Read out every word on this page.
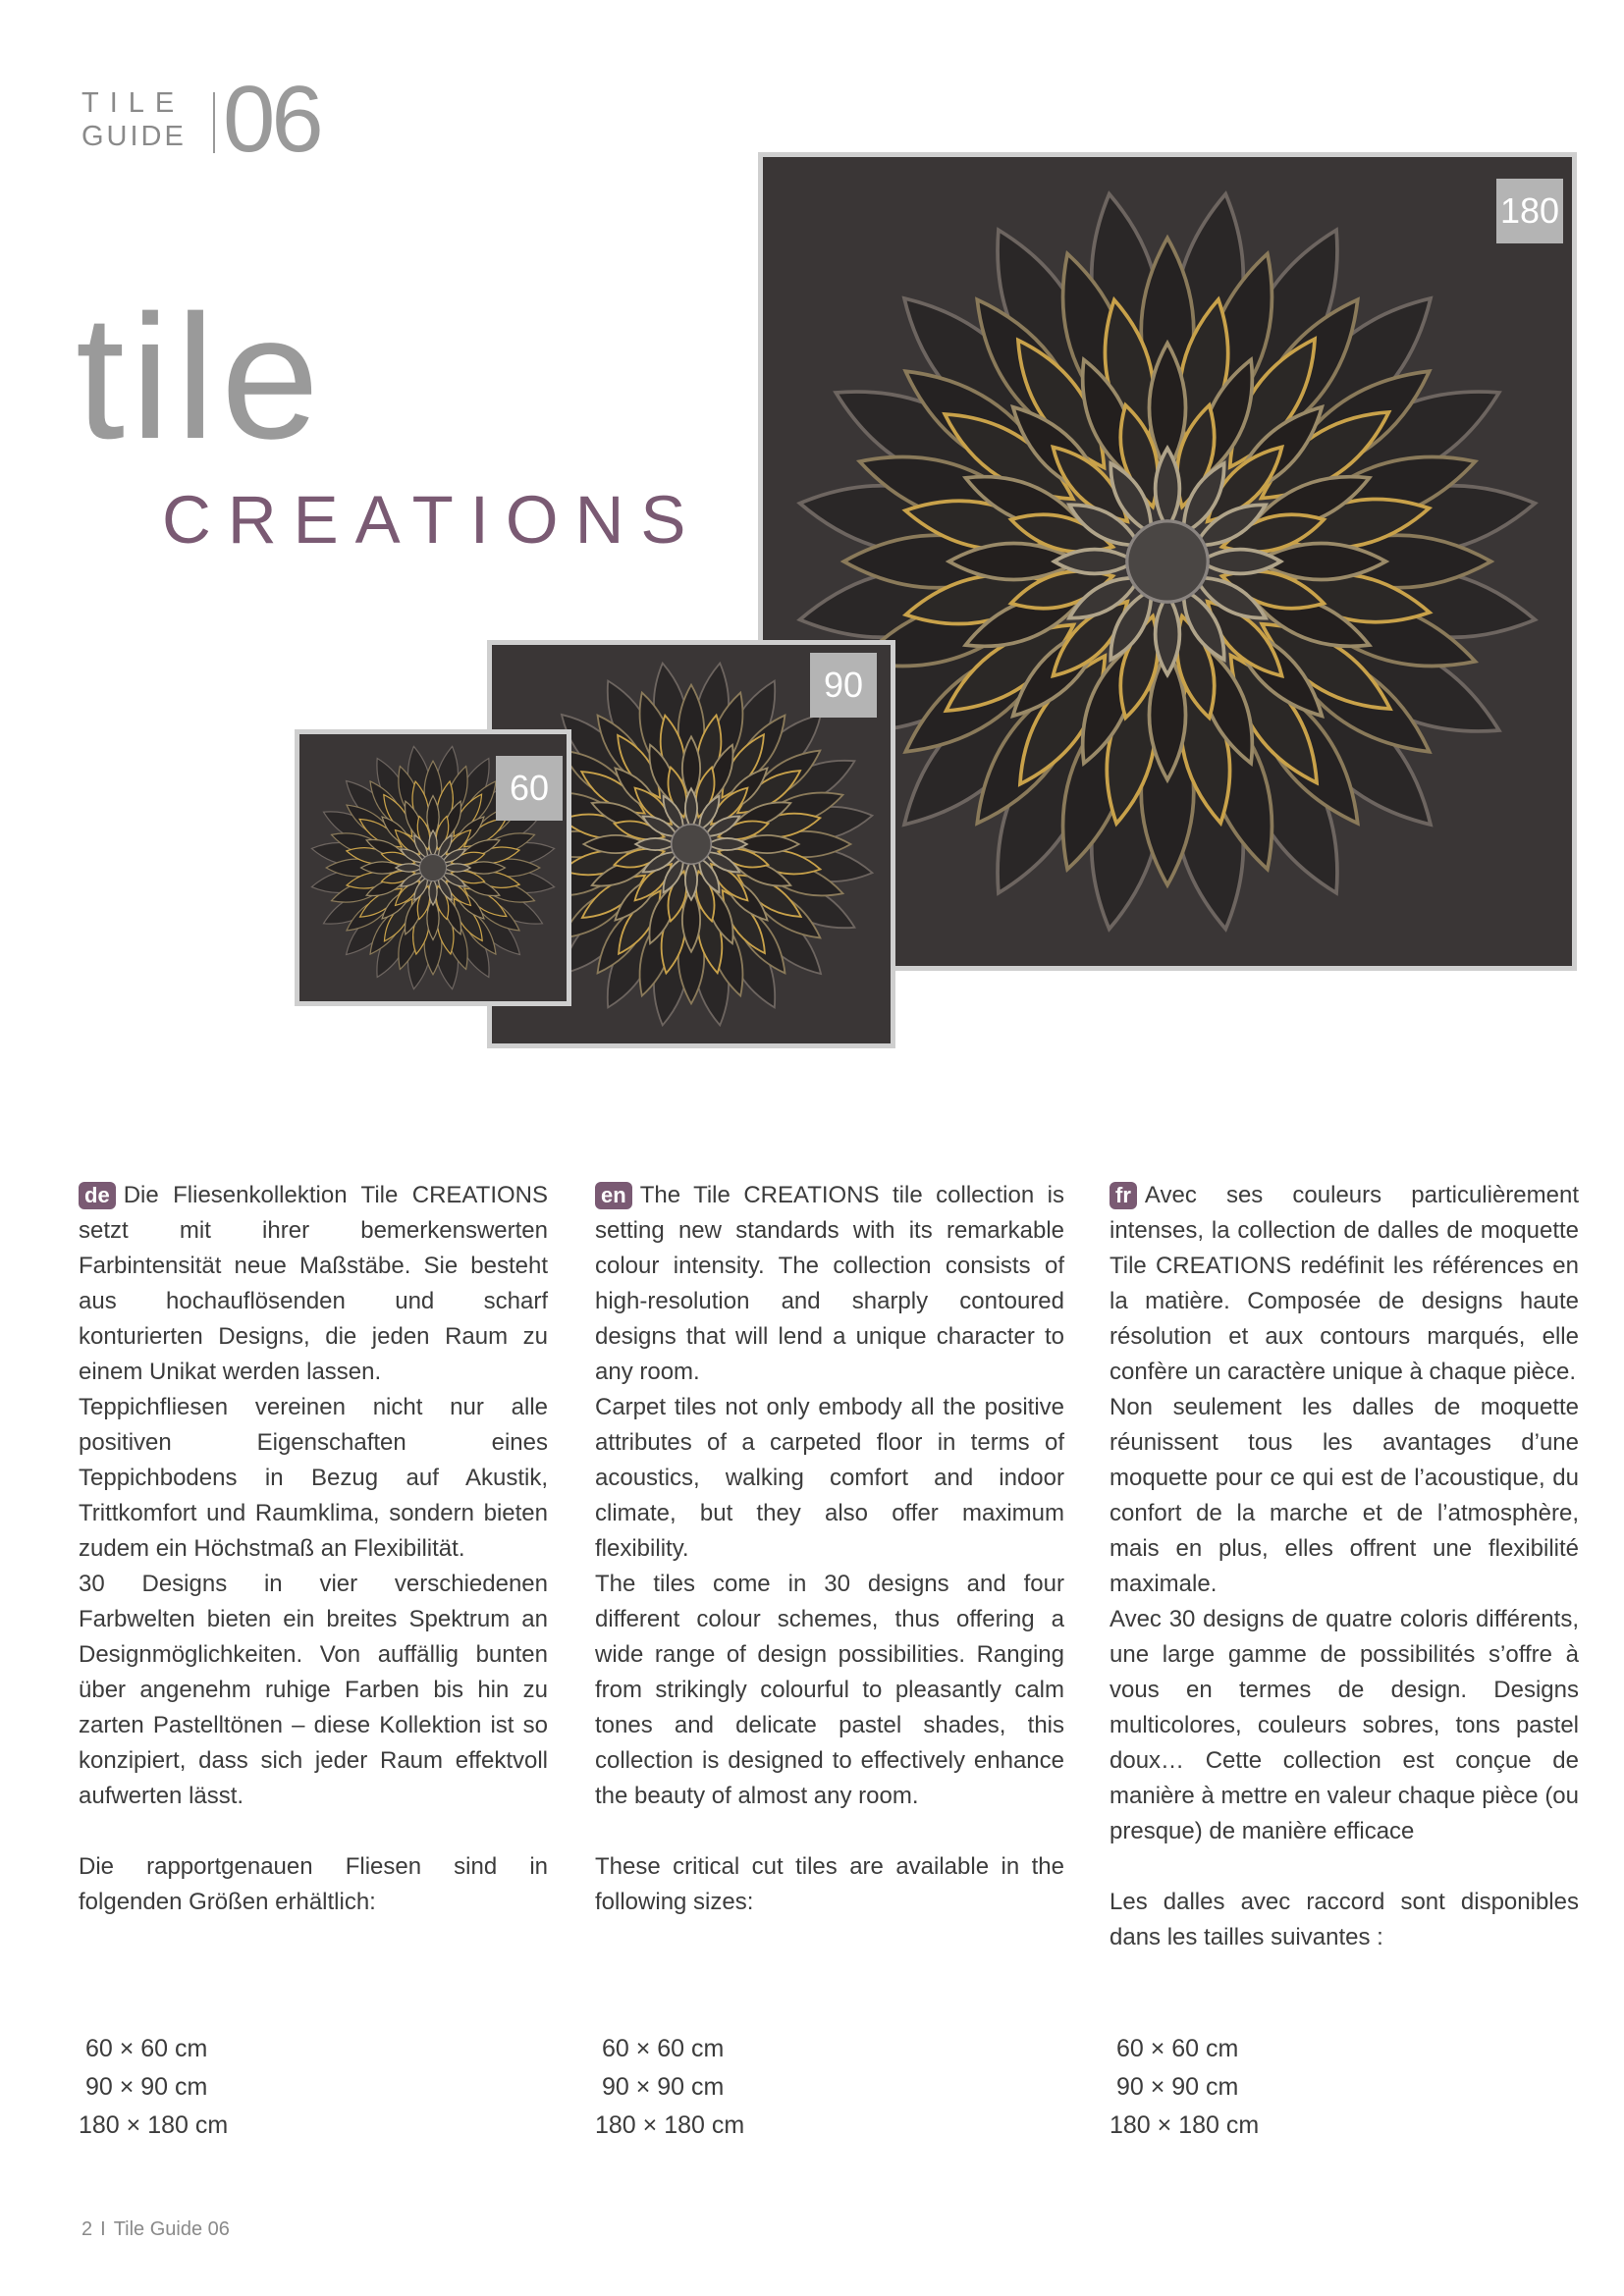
TILE
GUIDE 06
tile
CREATIONS
180
90
60

de Die Fliesenkollektion Tile CREATIONS setzt mit ihrer bemerkenswerten Farbintensität neue Maßstäbe. Sie besteht aus hochauflösenden und scharf konturierten Designs, die jeden Raum zu einem Unikat werden lassen.

Teppichfliesen vereinen nicht nur alle positiven Eigenschaften eines Teppichbodens in Bezug auf Akustik, Trittkomfort und Raumklima, sondern bieten zudem ein Höchstmaß an Flexibilität.

30 Designs in vier verschiedenen Farbwelten bieten ein breites Spektrum an Designmöglichkeiten. Von auffällig bunten über angenehm ruhige Farben bis hin zu zarten Pastelltönen – diese Kollektion ist so konzipiert, dass sich jeder Raum effektvoll aufwerten lässt.

Die rapportgenauen Fliesen sind in folgenden Größen erhältlich:

en The Tile CREATIONS tile collection is setting new standards with its remarkable colour intensity. The collection consists of high-resolution and sharply contoured designs that will lend a unique character to any room.

Carpet tiles not only embody all the positive attributes of a carpeted floor in terms of acoustics, walking comfort and indoor climate, but they also offer maximum flexibility.

The tiles come in 30 designs and four different colour schemes, thus offering a wide range of design possibilities. Ranging from strikingly colourful to pleasantly calm tones and delicate pastel shades, this collection is designed to effectively enhance the beauty of almost any room.

These critical cut tiles are available in the following sizes:

fr Avec ses couleurs particulièrement intenses, la collection de dalles de moquette Tile CREATIONS redéfinit les références en la matière. Composée de designs haute résolution et aux contours marqués, elle confère un caractère unique à chaque pièce.

Non seulement les dalles de moquette réunissent tous les avantages d’une moquette pour ce qui est de l’acoustique, du confort de la marche et de l’atmosphère, mais en plus, elles offrent une flexibilité maximale.

Avec 30 designs de quatre coloris différents, une large gamme de possibilités s’offre à vous en termes de design. Designs multicolores, couleurs sobres, tons pastel doux… Cette collection est conçue de manière à mettre en valeur chaque pièce (ou presque) de manière efficace

Les dalles avec raccord sont disponibles dans les tailles suivantes :

60 × 60 cm
90 × 90 cm
180 × 180 cm
60 × 60 cm
90 × 90 cm
180 × 180 cm
60 × 60 cm
90 × 90 cm
180 × 180 cm
2 I Tile Guide 06
